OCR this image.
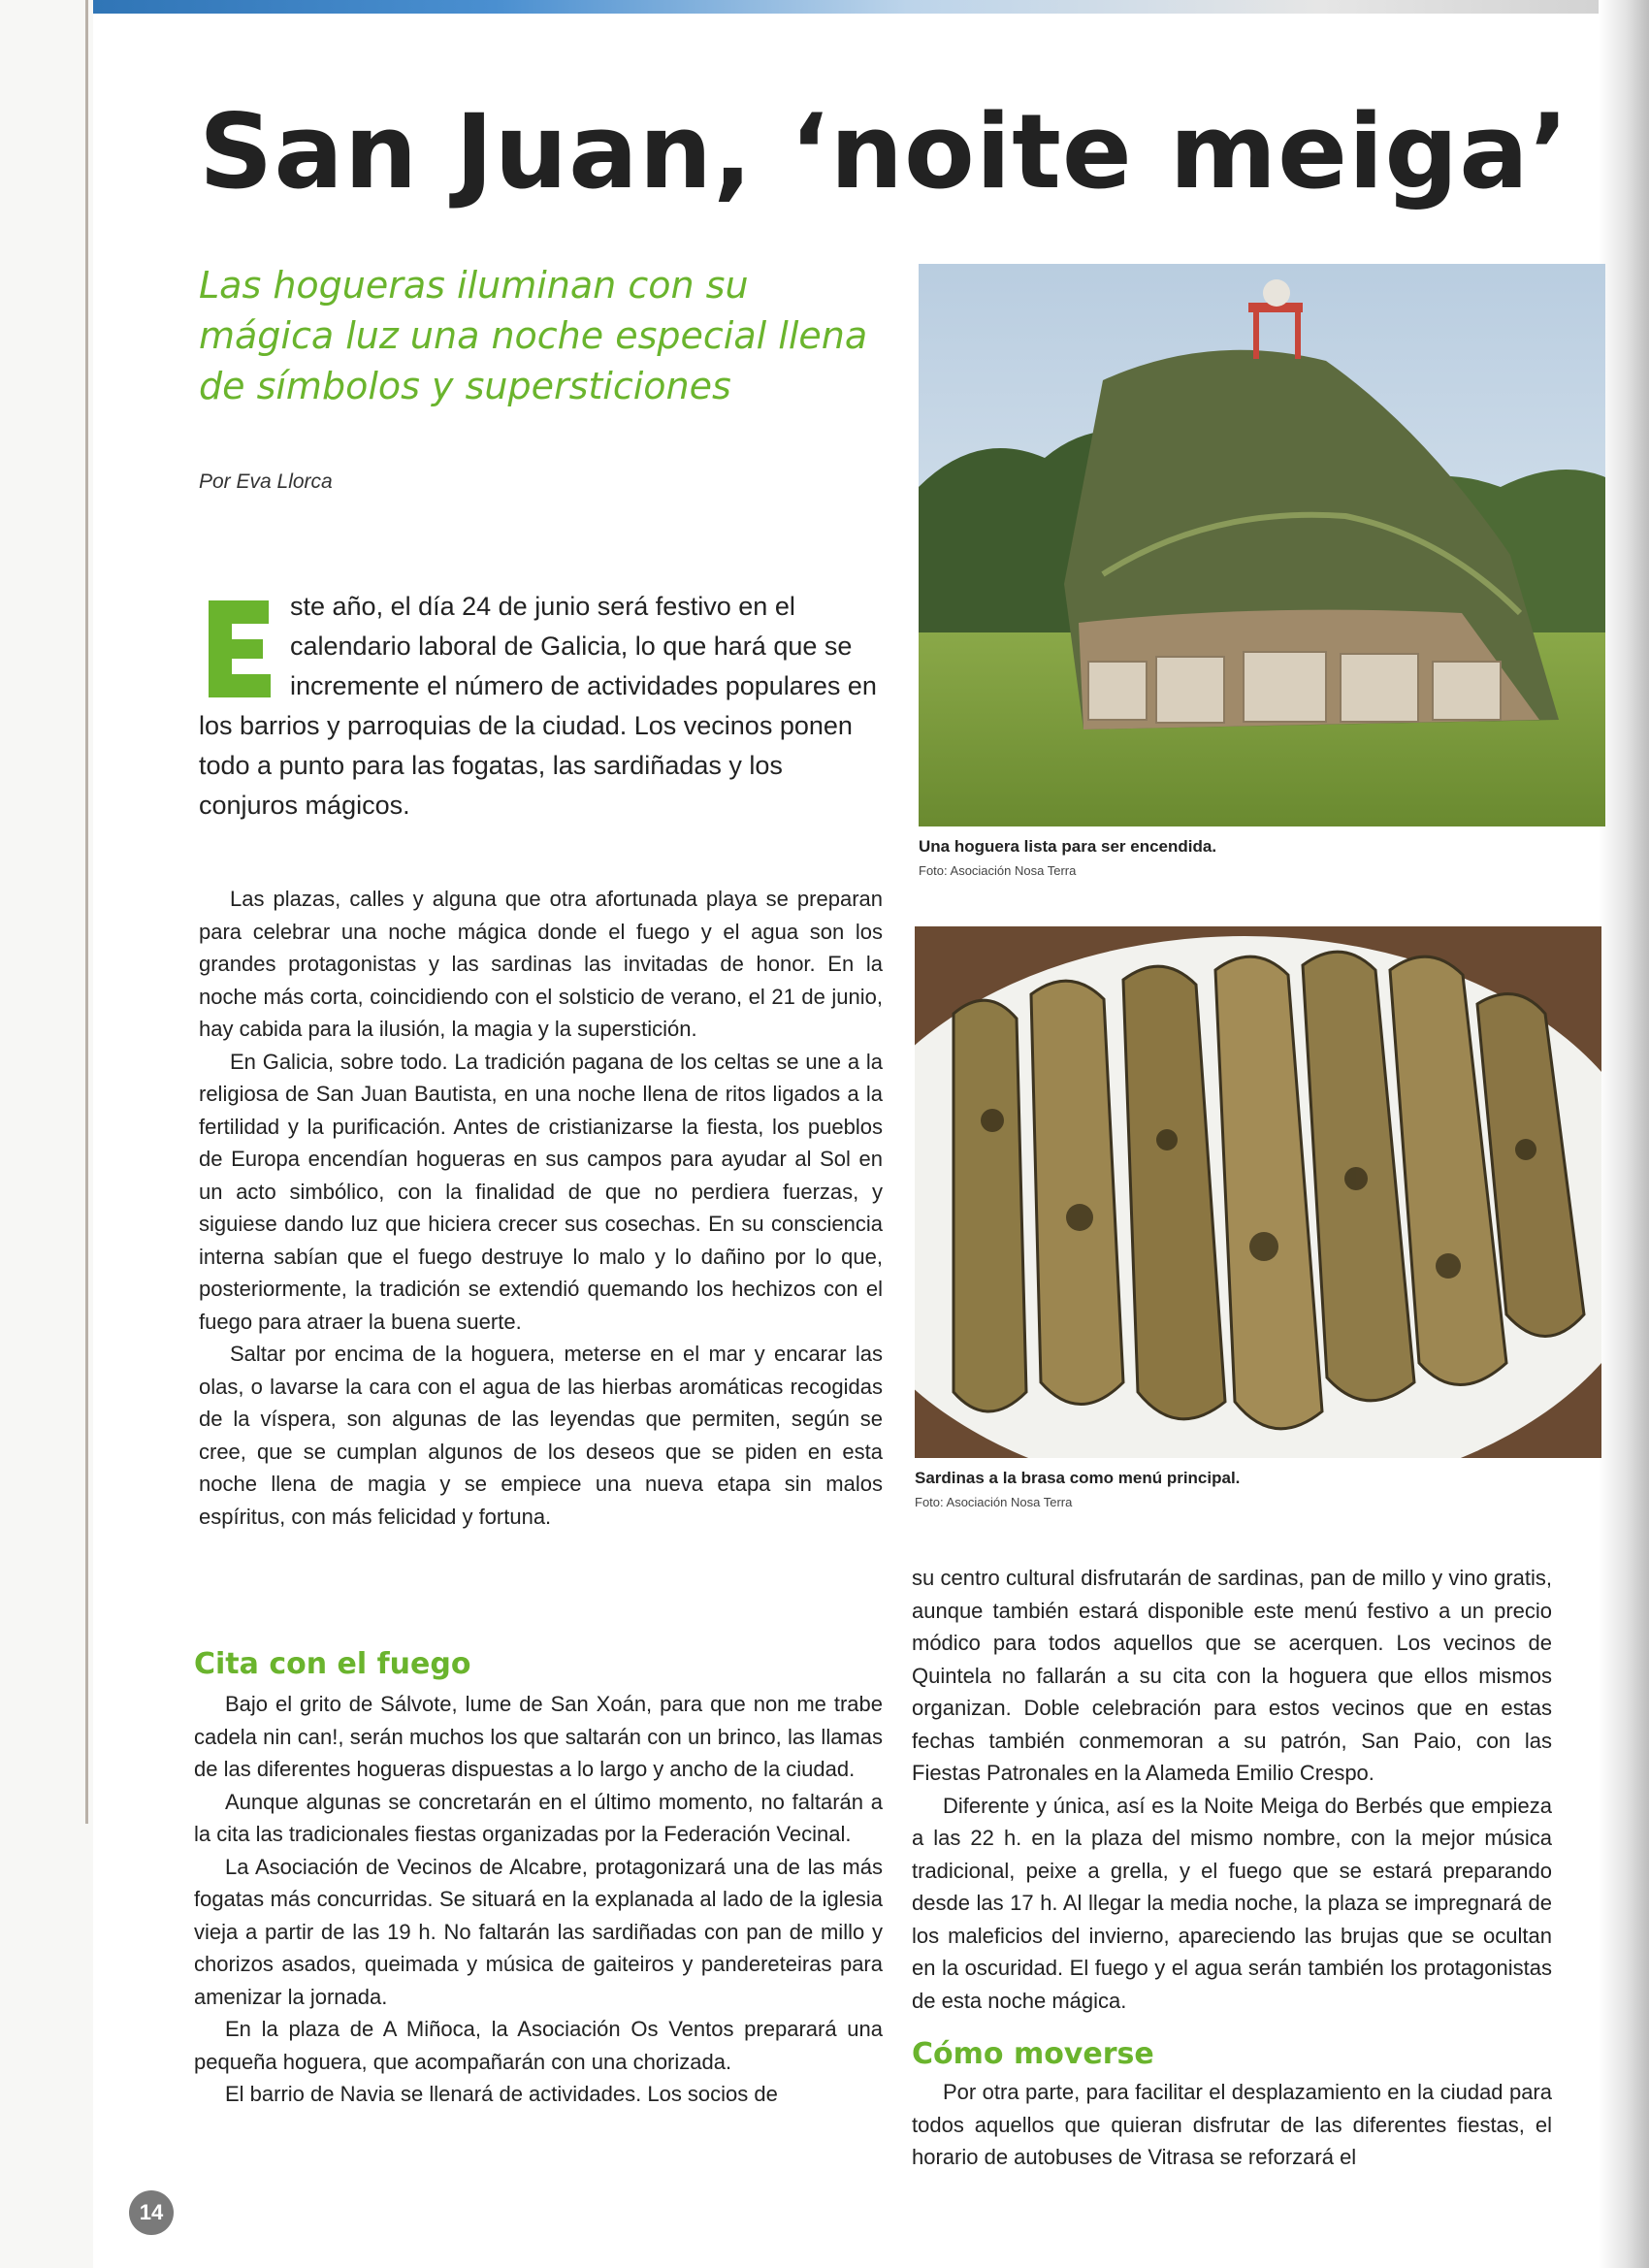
San Juan, ‘noite meiga’
Las hogueras iluminan con su mágica luz una noche especial llena de símbolos y supersticiones
Por Eva Llorca
E
ste año, el día 24 de junio será festivo en el calendario laboral de Galicia, lo que hará que se incremente el número de actividades populares en los barrios y parroquias de la ciudad. Los vecinos ponen todo a punto para las fogatas, las sardiñadas y los conjuros mágicos.
Una hoguera lista para ser encendida.
Foto: Asociación Nosa Terra
Sardinas a la brasa como menú principal.
Foto: Asociación Nosa Terra

Las plazas, calles y alguna que otra afortunada playa se preparan para celebrar una noche mágica donde el fuego y el agua son los grandes protagonistas y las sardinas las invitadas de honor. En la noche más corta, coincidiendo con el solsticio de verano, el 21 de junio, hay cabida para la ilusión, la magia y la superstición.

En Galicia, sobre todo. La tradición pagana de los celtas se une a la religiosa de San Juan Bautista, en una noche llena de ritos ligados a la fertilidad y la purificación. Antes de cristianizarse la fiesta, los pueblos de Europa encendían hogueras en sus campos para ayudar al Sol en un acto simbólico, con la finalidad de que no perdiera fuerzas, y siguiese dando luz que hiciera crecer sus cosechas. En su consciencia interna sabían que el fuego destruye lo malo y lo dañino por lo que, posteriormente, la tradición se extendió quemando los hechizos con el fuego para atraer la buena suerte.

Saltar por encima de la hoguera, meterse en el mar y encarar las olas, o lavarse la cara con el agua de las hierbas aromáticas recogidas de la víspera, son algunas de las leyendas que permiten, según se cree, que se cumplan algunos de los deseos que se piden en esta noche llena de magia y se empiece una nueva etapa sin malos espíritus, con más felicidad y fortuna.

Cita con el fuego

Bajo el grito de Sálvote, lume de San Xoán, para que non me trabe cadela nin can!, serán muchos los que saltarán con un brinco, las llamas de las diferentes hogueras dispuestas a lo largo y ancho de la ciudad.

Aunque algunas se concretarán en el último momento, no faltarán a la cita las tradicionales fiestas organizadas por la Federación Vecinal.

La Asociación de Vecinos de Alcabre, protagonizará una de las más fogatas más concurridas. Se situará en la explanada al lado de la iglesia vieja a partir de las 19 h. No faltarán las sardiñadas con pan de millo y chorizos asados, queimada y música de gaiteiros y pandereteiras para amenizar la jornada.

En la plaza de A Miñoca, la Asociación Os Ventos preparará una pequeña hoguera, que acompañarán con una chorizada.

El barrio de Navia se llenará de actividades. Los socios de

su centro cultural disfrutarán de sardinas, pan de millo y vino gratis, aunque también estará disponible este menú festivo a un precio módico para todos aquellos que se acerquen. Los vecinos de Quintela no fallarán a su cita con la hoguera que ellos mismos organizan. Doble celebración para estos vecinos que en estas fechas también conmemoran a su patrón, San Paio, con las Fiestas Patronales en la Alameda Emilio Crespo.

Diferente y única, así es la Noite Meiga do Berbés que empieza a las 22 h. en la plaza del mismo nombre, con la mejor música tradicional, peixe a grella, y el fuego que se estará preparando desde las 17 h. Al llegar la media noche, la plaza se impregnará de los maleficios del invierno, apareciendo las brujas que se ocultan en la oscuridad. El fuego y el agua serán también los protagonistas de esta noche mágica.

Cómo moverse

Por otra parte, para facilitar el desplazamiento en la ciudad para todos aquellos que quieran disfrutar de las diferentes fiestas, el horario de autobuses de Vitrasa se reforzará el

14
